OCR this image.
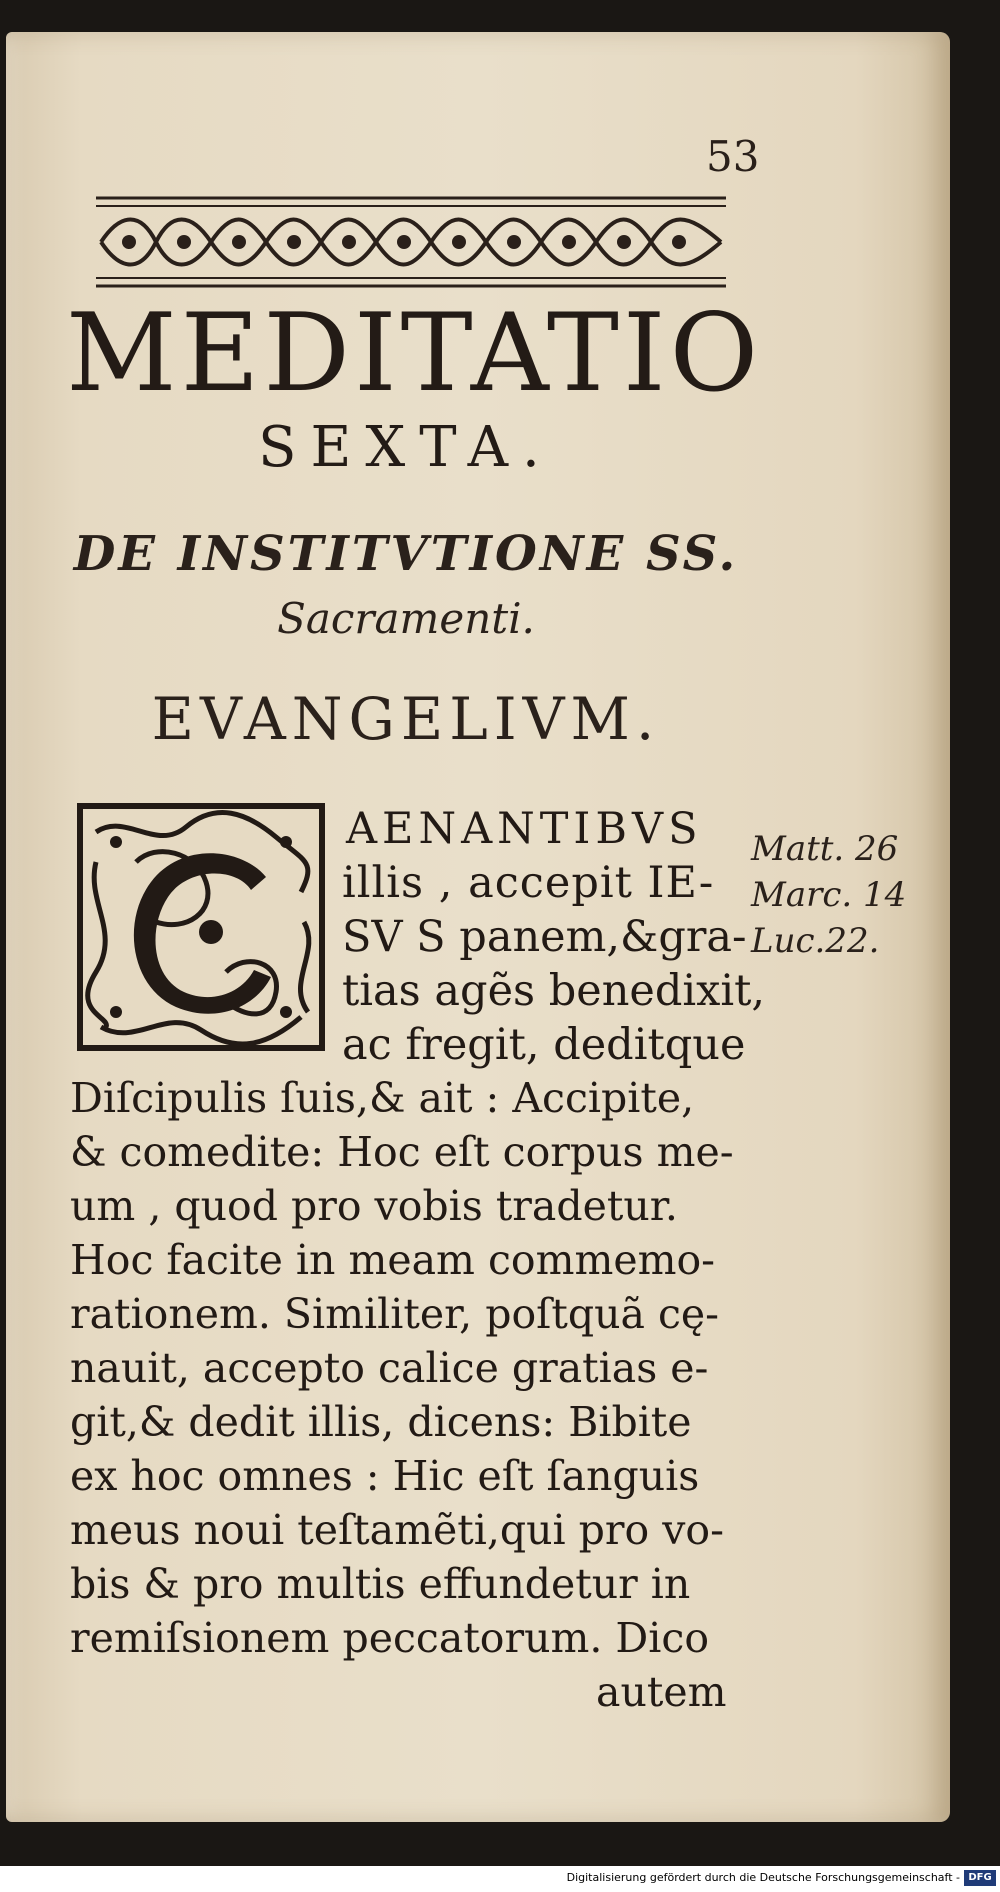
53
MEDITATIO
SEXTA.
DE INSTITVTIONE SS.
Sacramenti.
EVANGELIVM.
AENANTIBVS
illis , accepit IE-
SV S panem,&gra-
tias agẽs benedixit,
ac fregit, deditque
Diſcipulis ſuis,& ait : Accipite,
& comedite: Hoc eſt corpus me-
um , quod pro vobis tradetur.
Hoc facite in meam commemo-
rationem. Similiter, poſtquã cę-
nauit, accepto calice gratias e-
git,& dedit illis, dicens: Bibite
ex hoc omnes : Hic eſt ſanguis
meus noui teſtamẽti,qui pro vo-
bis & pro multis effundetur in
remiſsionem peccatorum. Dico
autem
Matt. 26
Marc. 14
Luc.22.
Digitalisierung gefördert durch die Deutsche Forschungsgemeinschaft - DFG
